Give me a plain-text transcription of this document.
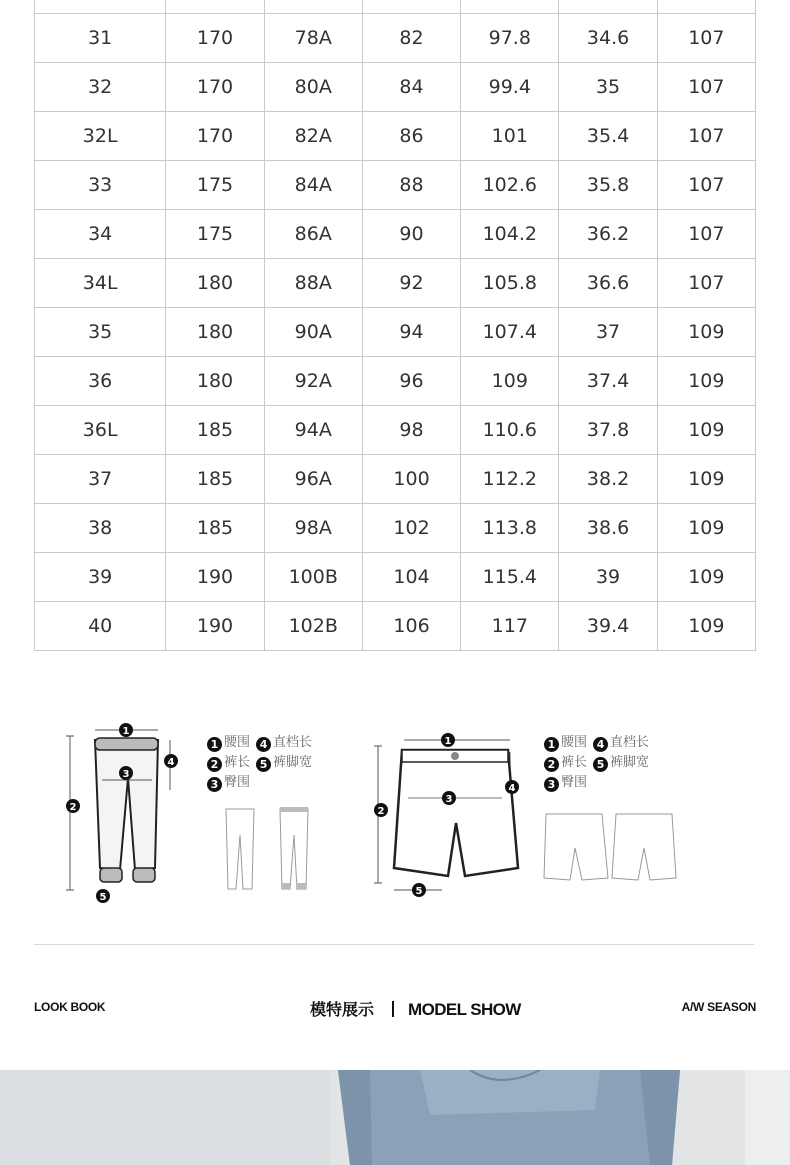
31	170	78A	82	97.8	34.6	107
32	170	80A	84	99.4	35	107
32L	170	82A	86	101	35.4	107
33	175	84A	88	102.6	35.8	107
34	175	86A	90	104.2	36.2	107
34L	180	88A	92	105.8	36.6	107
35	180	90A	94	107.4	37	109
36	180	92A	96	109	37.4	109
36L	185	94A	98	110.6	37.8	109
37	185	96A	100	112.2	38.2	109
38	185	98A	102	113.8	38.6	109
39	190	100B	104	115.4	39	109
40	190	102B	106	117	39.4	109
1
2
3
4
5
1 腰围 4 直档长
2 裤长 5 裤脚宽
3 臀围
1
2
3
4
5
1 腰围 4 直档长
2 裤长 5 裤脚宽
3 臀围
LOOK BOOK	模特展示 MODEL SHOW	A/W SEASON
